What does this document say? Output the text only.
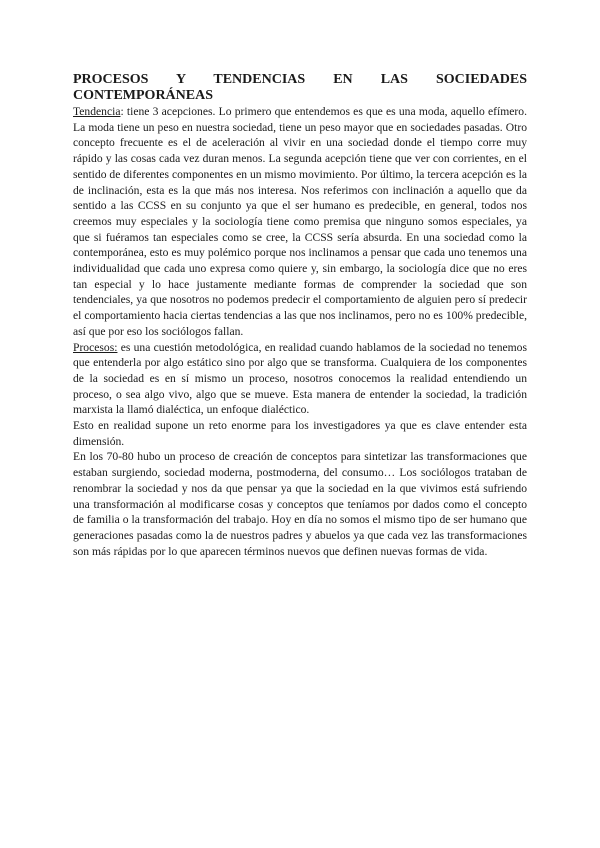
PROCESOS Y TENDENCIAS EN LAS SOCIEDADES
CONTEMPORÁNEAS

Tendencia: tiene 3 acepciones. Lo primero que entendemos es que es una moda, aquello efímero. La moda tiene un peso en nuestra sociedad, tiene un peso mayor que en sociedades pasadas. Otro concepto frecuente es el de aceleración al vivir en una sociedad donde el tiempo corre muy rápido y las cosas cada vez duran menos. La segunda acepción tiene que ver con corrientes, en el sentido de diferentes componentes en un mismo movimiento. Por último, la tercera acepción es la de inclinación, esta es la que más nos interesa. Nos referimos con inclinación a aquello que da sentido a las CCSS en su conjunto ya que el ser humano es predecible, en general, todos nos creemos muy especiales y la sociología tiene como premisa que ninguno somos especiales, ya que si fuéramos tan especiales como se cree, la CCSS sería absurda. En una sociedad como la contemporánea, esto es muy polémico porque nos inclinamos a pensar que cada uno tenemos una individualidad que cada uno expresa como quiere y, sin embargo, la sociología dice que no eres tan especial y lo hace justamente mediante formas de comprender la sociedad que son tendenciales, ya que nosotros no podemos predecir el comportamiento de alguien pero sí predecir el comportamiento hacia ciertas tendencias a las que nos inclinamos, pero no es 100% predecible, así que por eso los sociólogos fallan.

Procesos: es una cuestión metodológica, en realidad cuando hablamos de la sociedad no tenemos que entenderla por algo estático sino por algo que se transforma. Cualquiera de los componentes de la sociedad es en sí mismo un proceso, nosotros conocemos la realidad entendiendo un proceso, o sea algo vivo, algo que se mueve. Esta manera de entender la sociedad, la tradición marxista la llamó dialéctica, un enfoque dialéctico.

Esto en realidad supone un reto enorme para los investigadores ya que es clave entender esta dimensión.

En los 70-80 hubo un proceso de creación de conceptos para sintetizar las transformaciones que estaban surgiendo, sociedad moderna, postmoderna, del consumo… Los sociólogos trataban de renombrar la sociedad y nos da que pensar ya que la sociedad en la que vivimos está sufriendo una transformación al modificarse cosas y conceptos que teníamos por dados como el concepto de familia o la transformación del trabajo. Hoy en día no somos el mismo tipo de ser humano que generaciones pasadas como la de nuestros padres y abuelos ya que cada vez las transformaciones son más rápidas por lo que aparecen términos nuevos que definen nuevas formas de vida.
